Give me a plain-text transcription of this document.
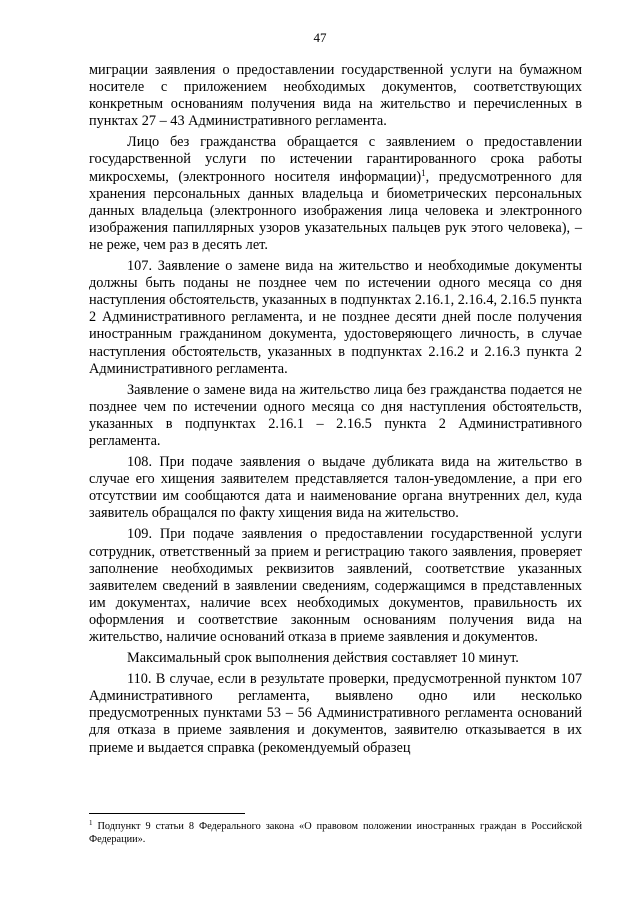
47

миграции заявления о предоставлении государственной услуги на бумажном носителе с приложением необходимых документов, соответствующих конкретным основаниям получения вида на жительство и перечисленных в пунктах 27 – 43 Административного регламента.

Лицо без гражданства обращается с заявлением о предоставлении государственной услуги по истечении гарантированного срока работы микросхемы, (электронного носителя информации)$^1$, предусмотренного для хранения персональных данных владельца и биометрических персональных данных владельца (электронного изображения лица человека и электронного изображения папиллярных узоров указательных пальцев рук этого человека), – не реже, чем раз в десять лет.

107. Заявление о замене вида на жительство и необходимые документы должны быть поданы не позднее чем по истечении одного месяца со дня наступления обстоятельств, указанных в подпунктах 2.16.1, 2.16.4, 2.16.5 пункта 2 Административного регламента, и не позднее десяти дней после получения иностранным гражданином документа, удостоверяющего личность, в случае наступления обстоятельств, указанных в подпунктах 2.16.2 и 2.16.3 пункта 2 Административного регламента.

Заявление о замене вида на жительство лица без гражданства подается не позднее чем по истечении одного месяца со дня наступления обстоятельств, указанных в подпунктах 2.16.1 – 2.16.5 пункта 2 Административного регламента.

108. При подаче заявления о выдаче дубликата вида на жительство в случае его хищения заявителем представляется талон-уведомление, а при его отсутствии им сообщаются дата и наименование органа внутренних дел, куда заявитель обращался по факту хищения вида на жительство.

109. При подаче заявления о предоставлении государственной услуги сотрудник, ответственный за прием и регистрацию такого заявления, проверяет заполнение необходимых реквизитов заявлений, соответствие указанных заявителем сведений в заявлении сведениям, содержащимся в представленных им документах, наличие всех необходимых документов, правильность их оформления и соответствие законным основаниям получения вида на жительство, наличие оснований отказа в приеме заявления и документов.

Максимальный срок выполнения действия составляет 10 минут.

110. В случае, если в результате проверки, предусмотренной пунктом 107 Административного регламента, выявлено одно или несколько предусмотренных пунктами 53 – 56 Административного регламента оснований для отказа в приеме заявления и документов, заявителю отказывается в их приеме и выдается справка (рекомендуемый образец

$^1$ Подпункт 9 статьи 8 Федерального закона «О правовом положении иностранных граждан в Российской Федерации».
